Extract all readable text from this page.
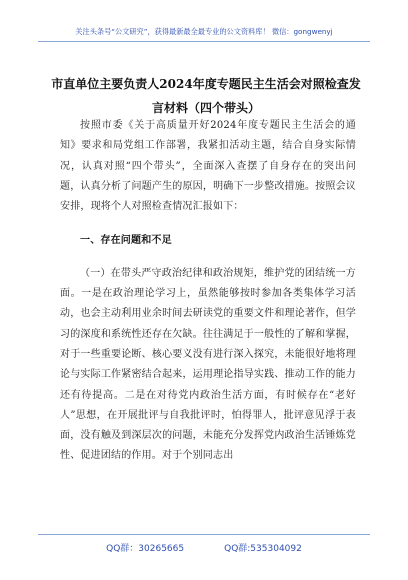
关注头条号“公文研究”，获得最新最全最专业的公文资料库！ 微信：gongwenyj
市直单位主要负责人2024年度专题民主生活会对照检查发言材料（四个带头）

按照市委《关于高质量开好2024年度专题民主生活会的通知》要求和局党组工作部署，我紧扣活动主题，结合自身实际情况，认真对照“四个带头”，全面深入查摆了自身存在的突出问题，认真分析了问题产生的原因，明确下一步整改措施。按照会议安排，现将个人对照检查情况汇报如下：

一、存在问题和不足

（一）在带头严守政治纪律和政治规矩，维护党的团结统一方面。一是在政治理论学习上，虽然能够按时参加各类集体学习活动，也会主动利用业余时间去研读党的重要文件和理论著作，但学习的深度和系统性还存在欠缺。往往满足于一般性的了解和掌握，对于一些重要论断、核心要义没有进行深入探究，未能很好地将理论与实际工作紧密结合起来，运用理论指导实践、推动工作的能力还有待提高。二是在对待党内政治生活方面，有时候存在“老好人”思想，在开展批评与自我批评时，怕得罪人，批评意见浮于表面，没有触及到深层次的问题，未能充分发挥党内政治生活锤炼党性、促进团结的作用。对于个别同志出

QQ群：30265665	QQ群:535304092
